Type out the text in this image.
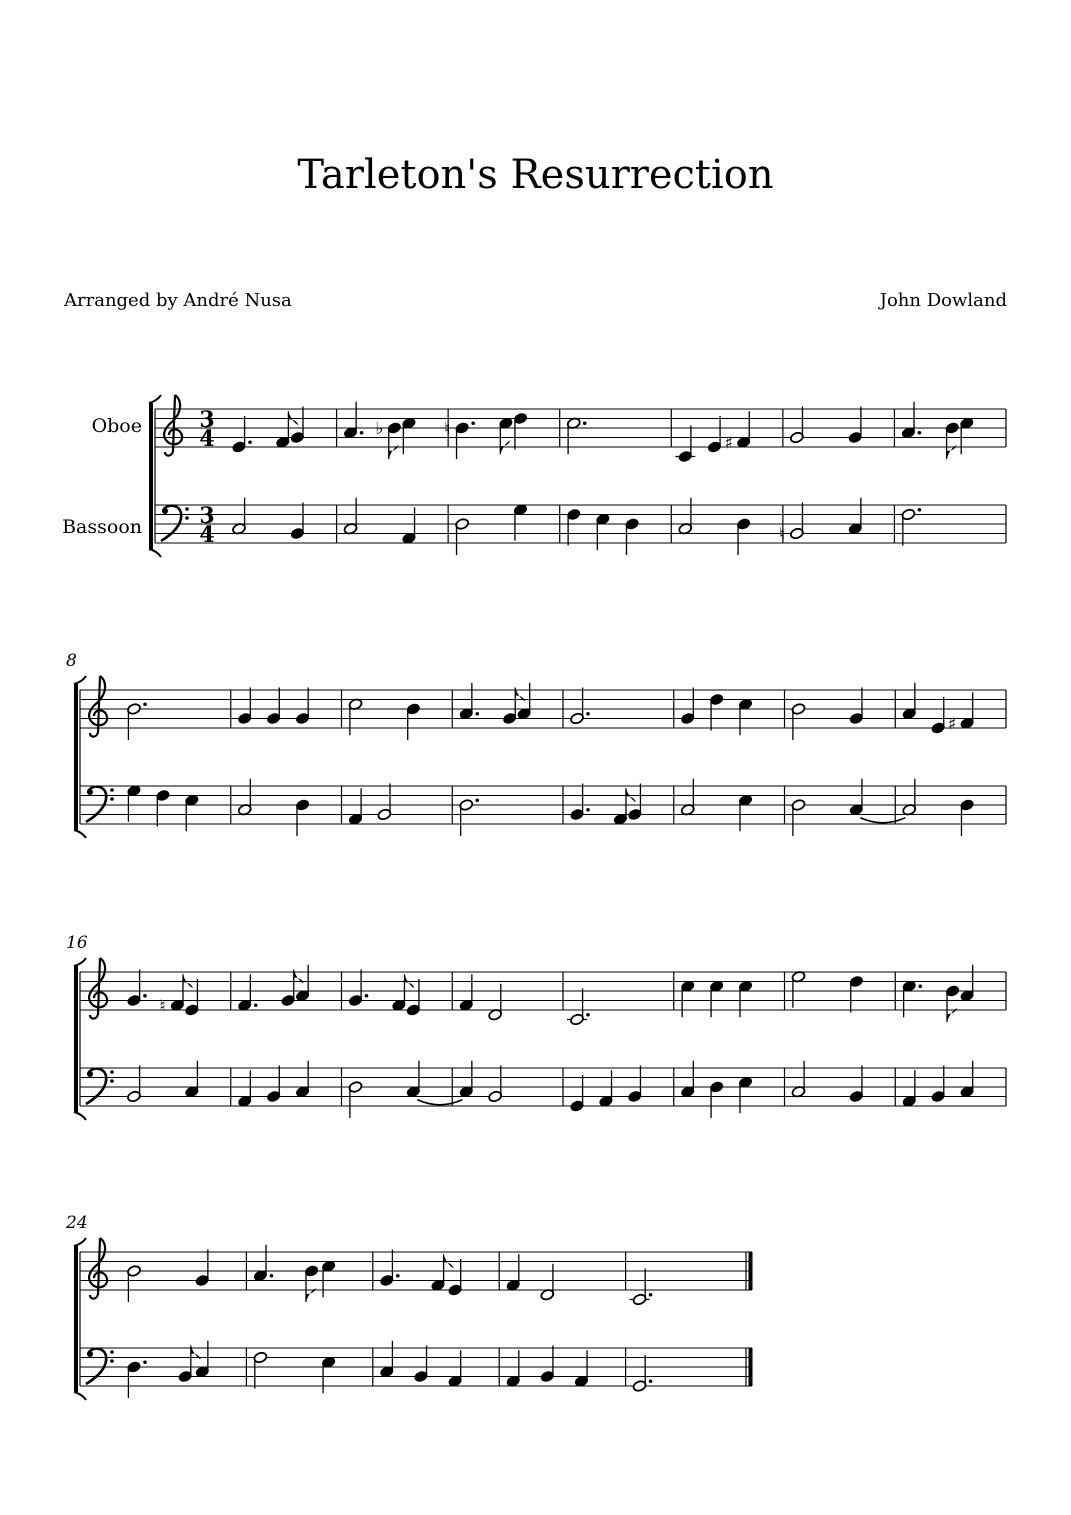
Tarleton's Resurrection
Arranged by André Nusa	John Dowland
Oboe
Bassoon
3
4
3
4
♭	♮
♯
♮
8
♯
16
♮
24
